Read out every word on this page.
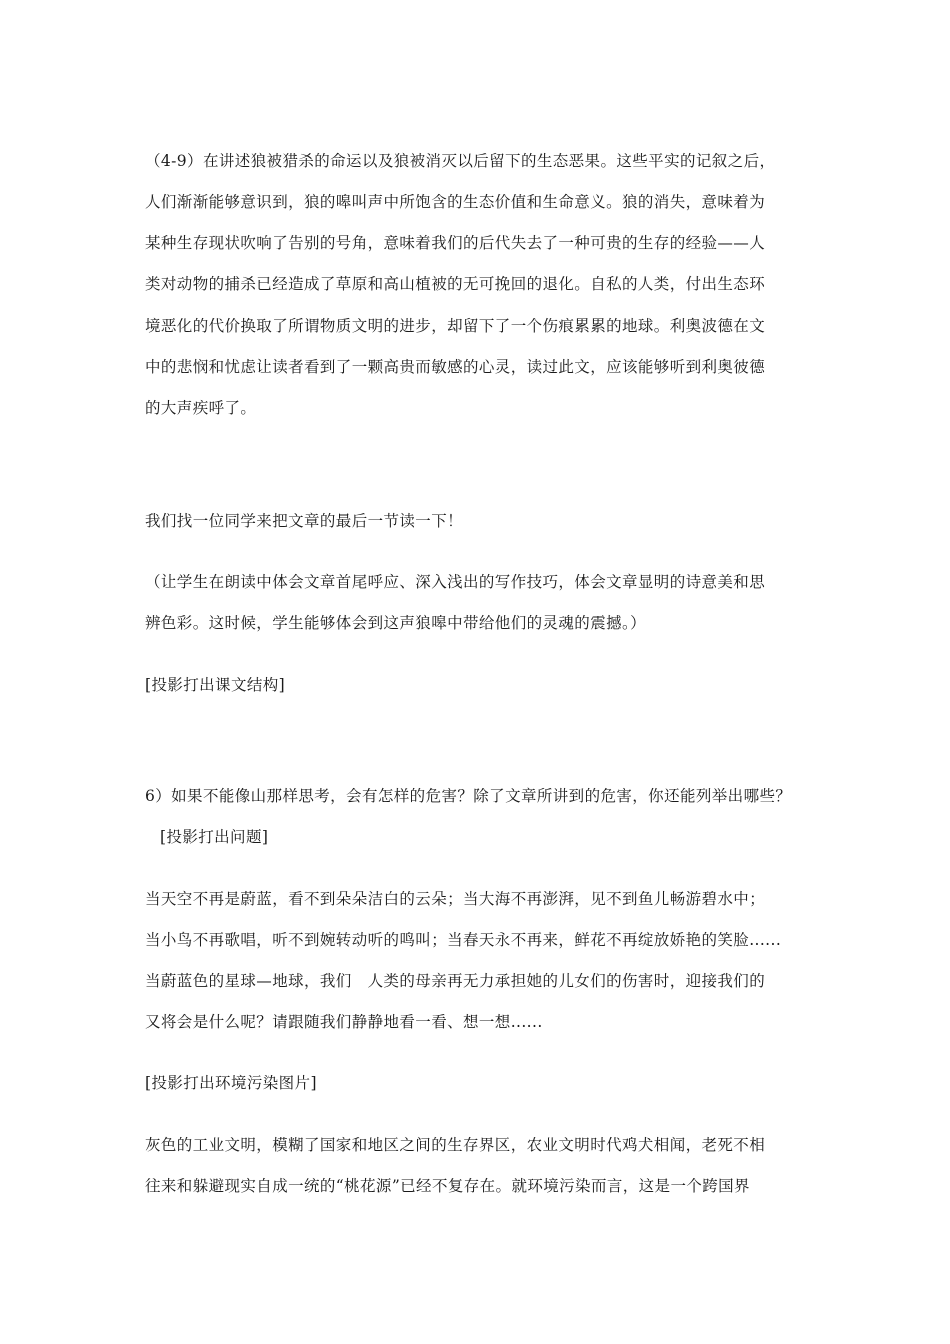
（4-9）在讲述狼被猎杀的命运以及狼被消灭以后留下的生态恶果。这些平实的记叙之后，
人们渐渐能够意识到，狼的嗥叫声中所饱含的生态价值和生命意义。狼的消失，意味着为
某种生存现状吹响了告别的号角，意味着我们的后代失去了一种可贵的生存的经验——人
类对动物的捕杀已经造成了草原和高山植被的无可挽回的退化。自私的人类，付出生态环
境恶化的代价换取了所谓物质文明的进步，却留下了一个伤痕累累的地球。利奥波德在文
中的悲悯和忧虑让读者看到了一颗高贵而敏感的心灵，读过此文，应该能够听到利奥彼德
的大声疾呼了。
我们找一位同学来把文章的最后一节读一下！
（让学生在朗读中体会文章首尾呼应、深入浅出的写作技巧，体会文章显明的诗意美和思
辨色彩。这时候，学生能够体会到这声狼嗥中带给他们的灵魂的震撼。）
[投影打出课文结构]
6）如果不能像山那样思考，会有怎样的危害？除了文章所讲到的危害，你还能列举出哪些？
[投影打出问题]
当天空不再是蔚蓝，看不到朵朵洁白的云朵；当大海不再澎湃，见不到鱼儿畅游碧水中；
当小鸟不再歌唱，听不到婉转动听的鸣叫；当春天永不再来，鲜花不再绽放娇艳的笑脸......
当蔚蓝色的星球—地球，我们　人类的母亲再无力承担她的儿女们的伤害时，迎接我们的
又将会是什么呢？请跟随我们静静地看一看、想一想......
[投影打出环境污染图片]
灰色的工业文明，模糊了国家和地区之间的生存界区，农业文明时代鸡犬相闻，老死不相
往来和躲避现实自成一统的“桃花源”已经不复存在。就环境污染而言，这是一个跨国界
